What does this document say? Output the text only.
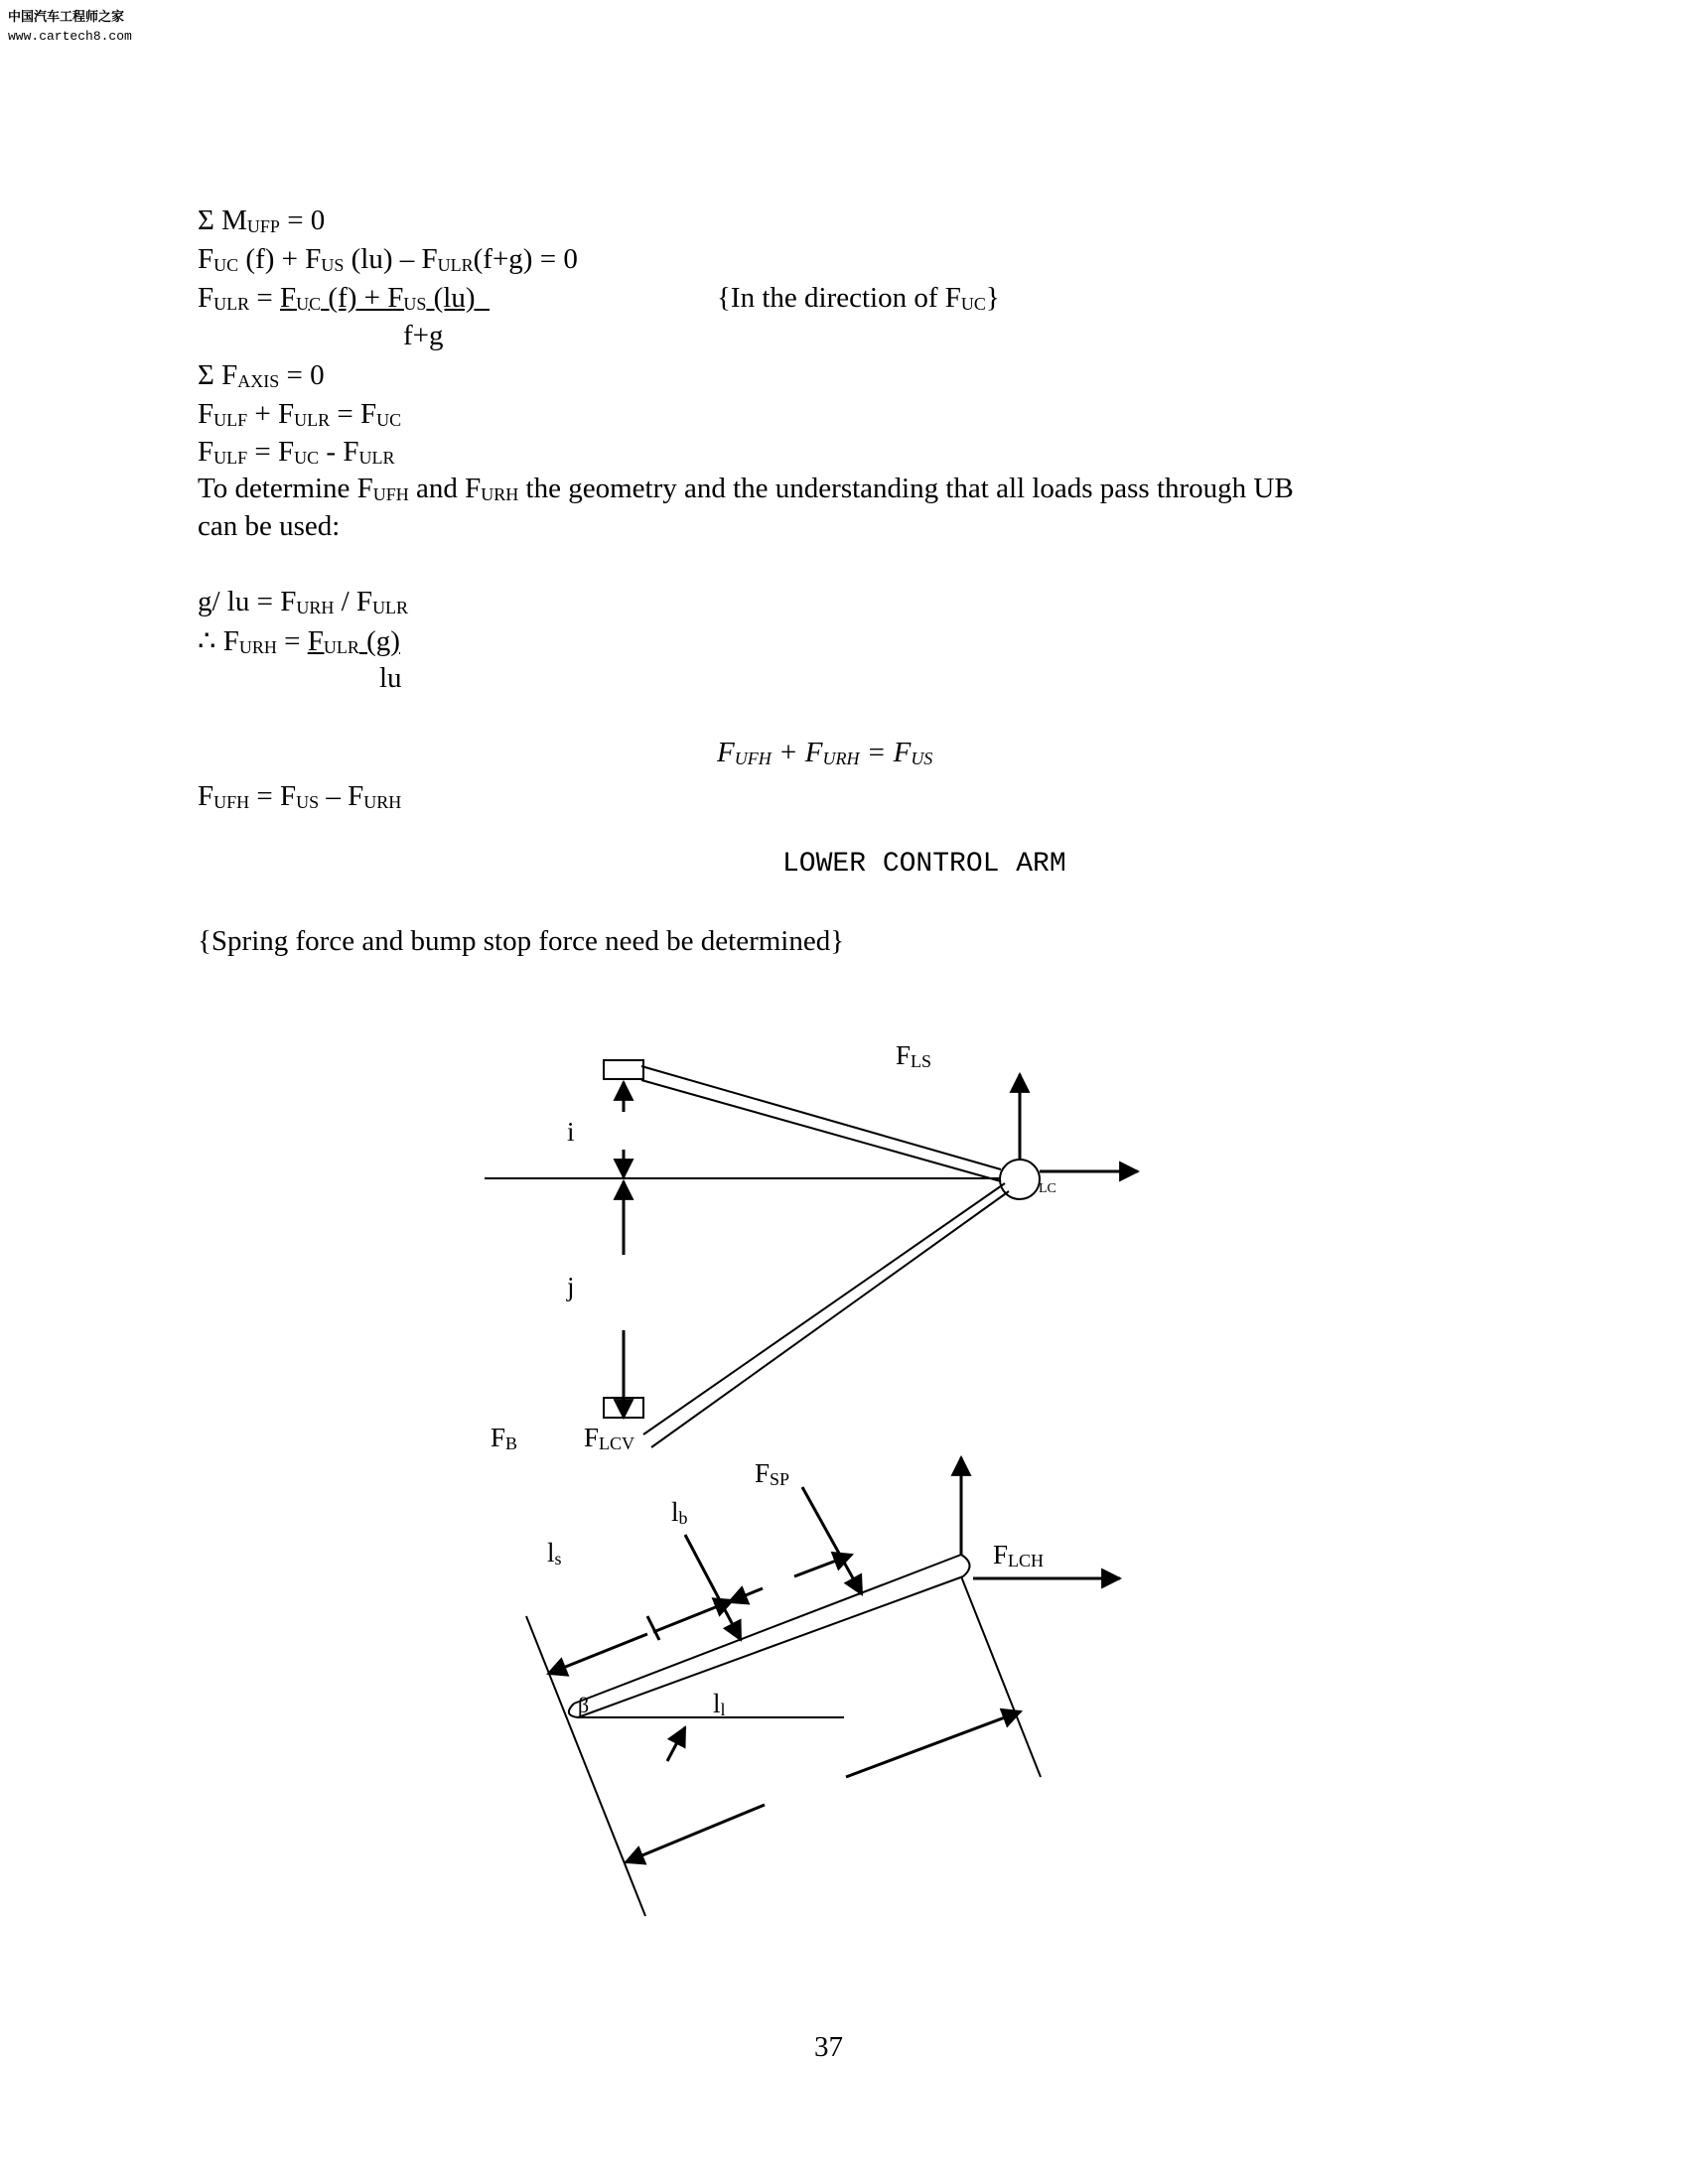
中国汽车工程师之家
www.cartech8.com
Σ $M_{UFP} = 0$
$F_{UC}$ $(f) + F_{US}$ $(lu) - F_{ULR}(f+g) = 0$
$F_{ULR} = F_{UC}$ $(f) + F_{US}$ (lu)	{In the direction of $F_{UC}$}
f+g
Σ $F_{AXIS} = 0$
$F_{ULF} + F_{ULR} = F_{UC}$
$F_{ULF} = F_{UC} - F_{ULR}$
To determine $F_{UFH}$ and $F_{URH}$ the geometry and the understanding that all loads pass through UB
can be used:
g/ lu = $F_{URH} / F_{ULR}$
∴ $F_{URH} = F_{ULR}$ (g)
lu
$F_{UFH} + F_{URH} = F_{US}$
$F_{UFH} = F_{US} - F_{URH}$
LOWER CONTROL ARM
{Spring force and bump stop force need be determined}
$F_{LS}$
i
j
LC
$F_B$ $F_{LCV}$
$F_{SP}$
$l_b$
$l_s$	$F_{LCH}$
β	$l_l$
37
